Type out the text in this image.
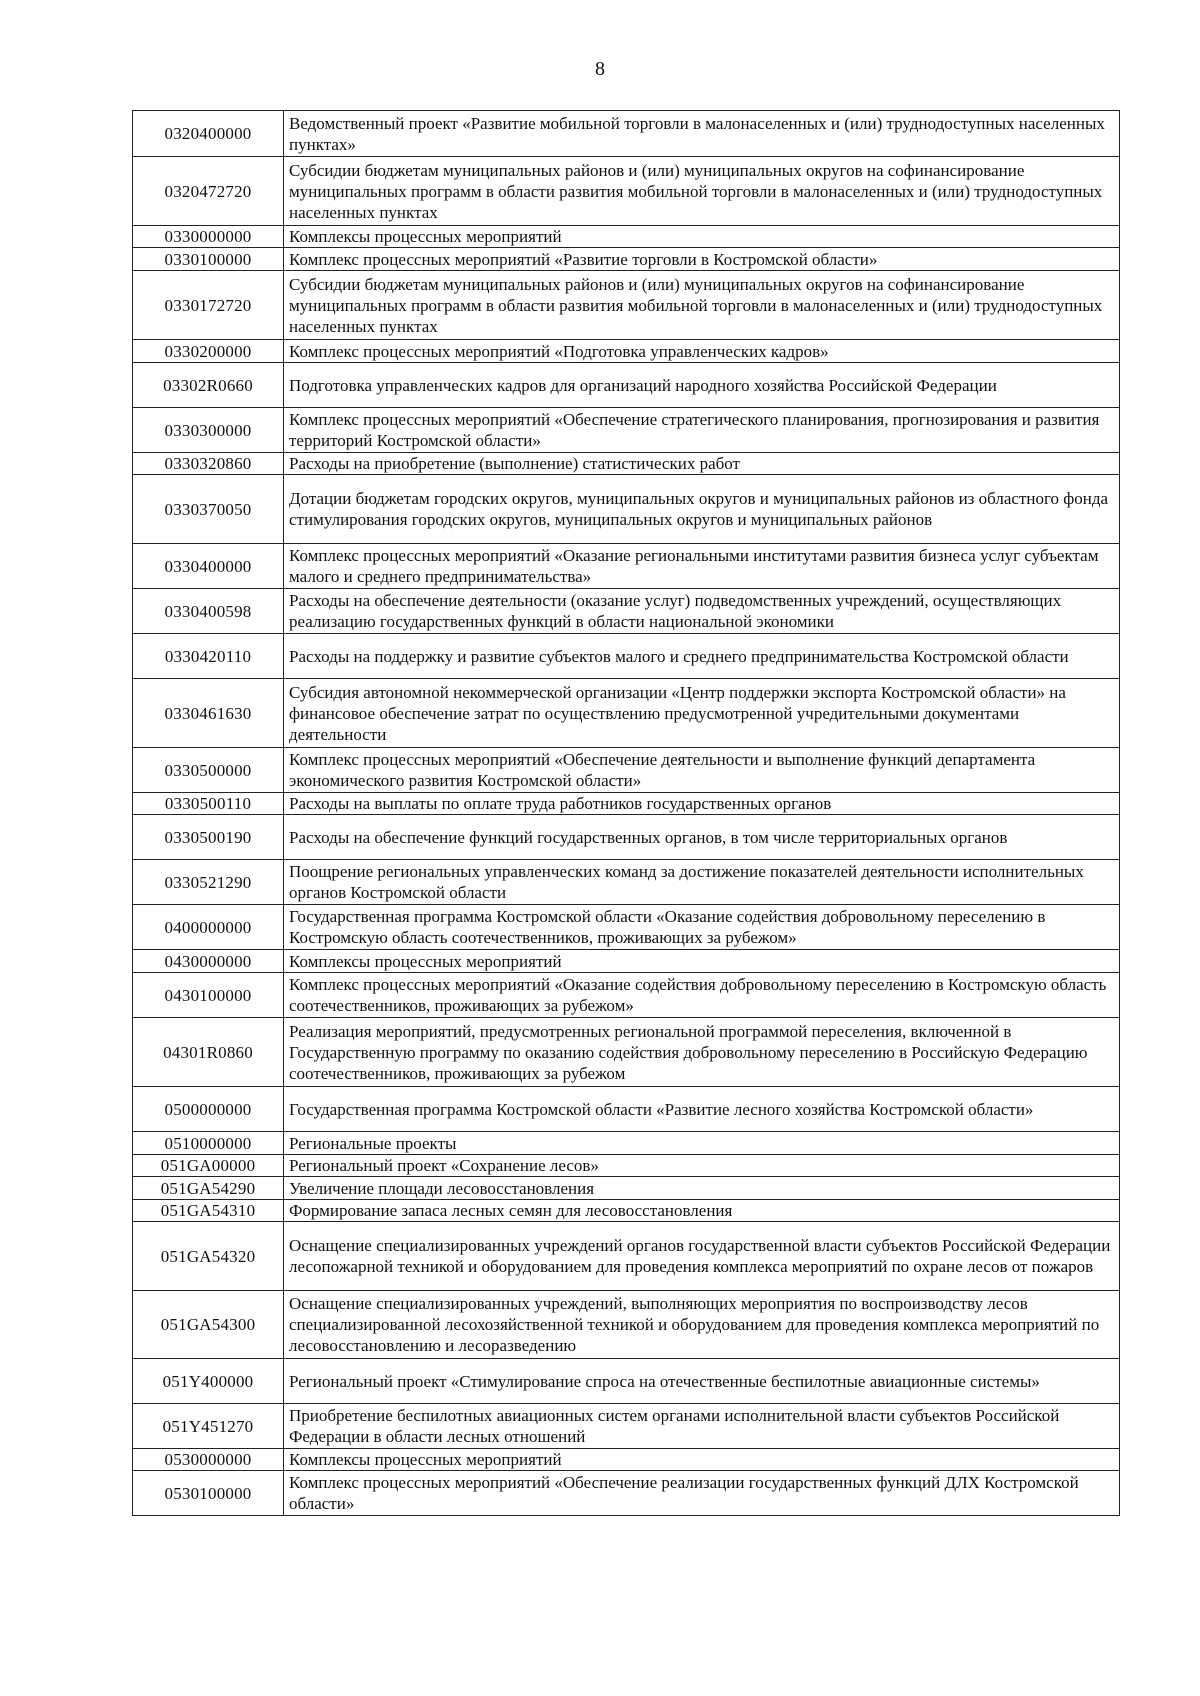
8
0320400000	Ведомственный проект «Развитие мобильной торговли в малонаселенных и (или) труднодоступных населенных пунктах»
0320472720	Субсидии бюджетам муниципальных районов и (или) муниципальных округов на софинансирование муниципальных программ в области развития мобильной торговли в малонаселенных и (или) труднодоступных населенных пунктах
0330000000	Комплексы процессных мероприятий
0330100000	Комплекс процессных мероприятий «Развитие торговли в Костромской области»
0330172720	Субсидии бюджетам муниципальных районов и (или) муниципальных округов на софинансирование муниципальных программ в области развития мобильной торговли в малонаселенных и (или) труднодоступных населенных пунктах
0330200000	Комплекс процессных мероприятий «Подготовка управленческих кадров»
03302R0660	Подготовка управленческих кадров для организаций народного хозяйства Российской Федерации
0330300000	Комплекс процессных мероприятий «Обеспечение стратегического планирования, прогнозирования и развития территорий Костромской области»
0330320860	Расходы на приобретение (выполнение) статистических работ
0330370050	Дотации бюджетам городских округов, муниципальных округов и муниципальных районов из областного фонда стимулирования городских округов, муниципальных округов и муниципальных районов
0330400000	Комплекс процессных мероприятий «Оказание региональными институтами развития бизнеса услуг субъектам малого и среднего предпринимательства»
0330400598	Расходы на обеспечение деятельности (оказание услуг) подведомственных учреждений, осуществляющих реализацию государственных функций в области национальной экономики
0330420110	Расходы на поддержку и развитие субъектов малого и среднего предпринимательства Костромской области
0330461630	Субсидия автономной некоммерческой организации «Центр поддержки экспорта Костромской области» на финансовое обеспечение затрат по осуществлению предусмотренной учредительными документами деятельности
0330500000	Комплекс процессных мероприятий «Обеспечение деятельности и выполнение функций департамента экономического развития Костромской области»
0330500110	Расходы на выплаты по оплате труда работников государственных органов
0330500190	Расходы на обеспечение функций государственных органов, в том числе территориальных органов
0330521290	Поощрение региональных управленческих команд за достижение показателей деятельности исполнительных органов Костромской области
0400000000	Государственная программа Костромской области «Оказание содействия добровольному переселению в Костромскую область соотечественников, проживающих за рубежом»
0430000000	Комплексы процессных мероприятий
0430100000	Комплекс процессных мероприятий «Оказание содействия добровольному переселению в Костромскую область соотечественников, проживающих за рубежом»
04301R0860	Реализация мероприятий, предусмотренных региональной программой переселения, включенной в Государственную программу по оказанию содействия добровольному переселению в Российскую Федерацию соотечественников, проживающих за рубежом
0500000000	Государственная программа Костромской области «Развитие лесного хозяйства Костромской области»
0510000000	Региональные проекты
051GA00000	Региональный проект «Сохранение лесов»
051GA54290	Увеличение площади лесовосстановления
051GA54310	Формирование запаса лесных семян для лесовосстановления
051GA54320	Оснащение специализированных учреждений органов государственной власти субъектов Российской Федерации лесопожарной техникой и оборудованием для проведения комплекса мероприятий по охране лесов от пожаров
051GA54300	Оснащение специализированных учреждений, выполняющих мероприятия по воспроизводству лесов специализированной лесохозяйственной техникой и оборудованием для проведения комплекса мероприятий по лесовосстановлению и лесоразведению
051Y400000	Региональный проект «Стимулирование спроса на отечественные беспилотные авиационные системы»
051Y451270	Приобретение беспилотных авиационных систем органами исполнительной власти субъектов Российской Федерации в области лесных отношений
0530000000	Комплексы процессных мероприятий
0530100000	Комплекс процессных мероприятий «Обеспечение реализации государственных функций ДЛХ Костромской области»
